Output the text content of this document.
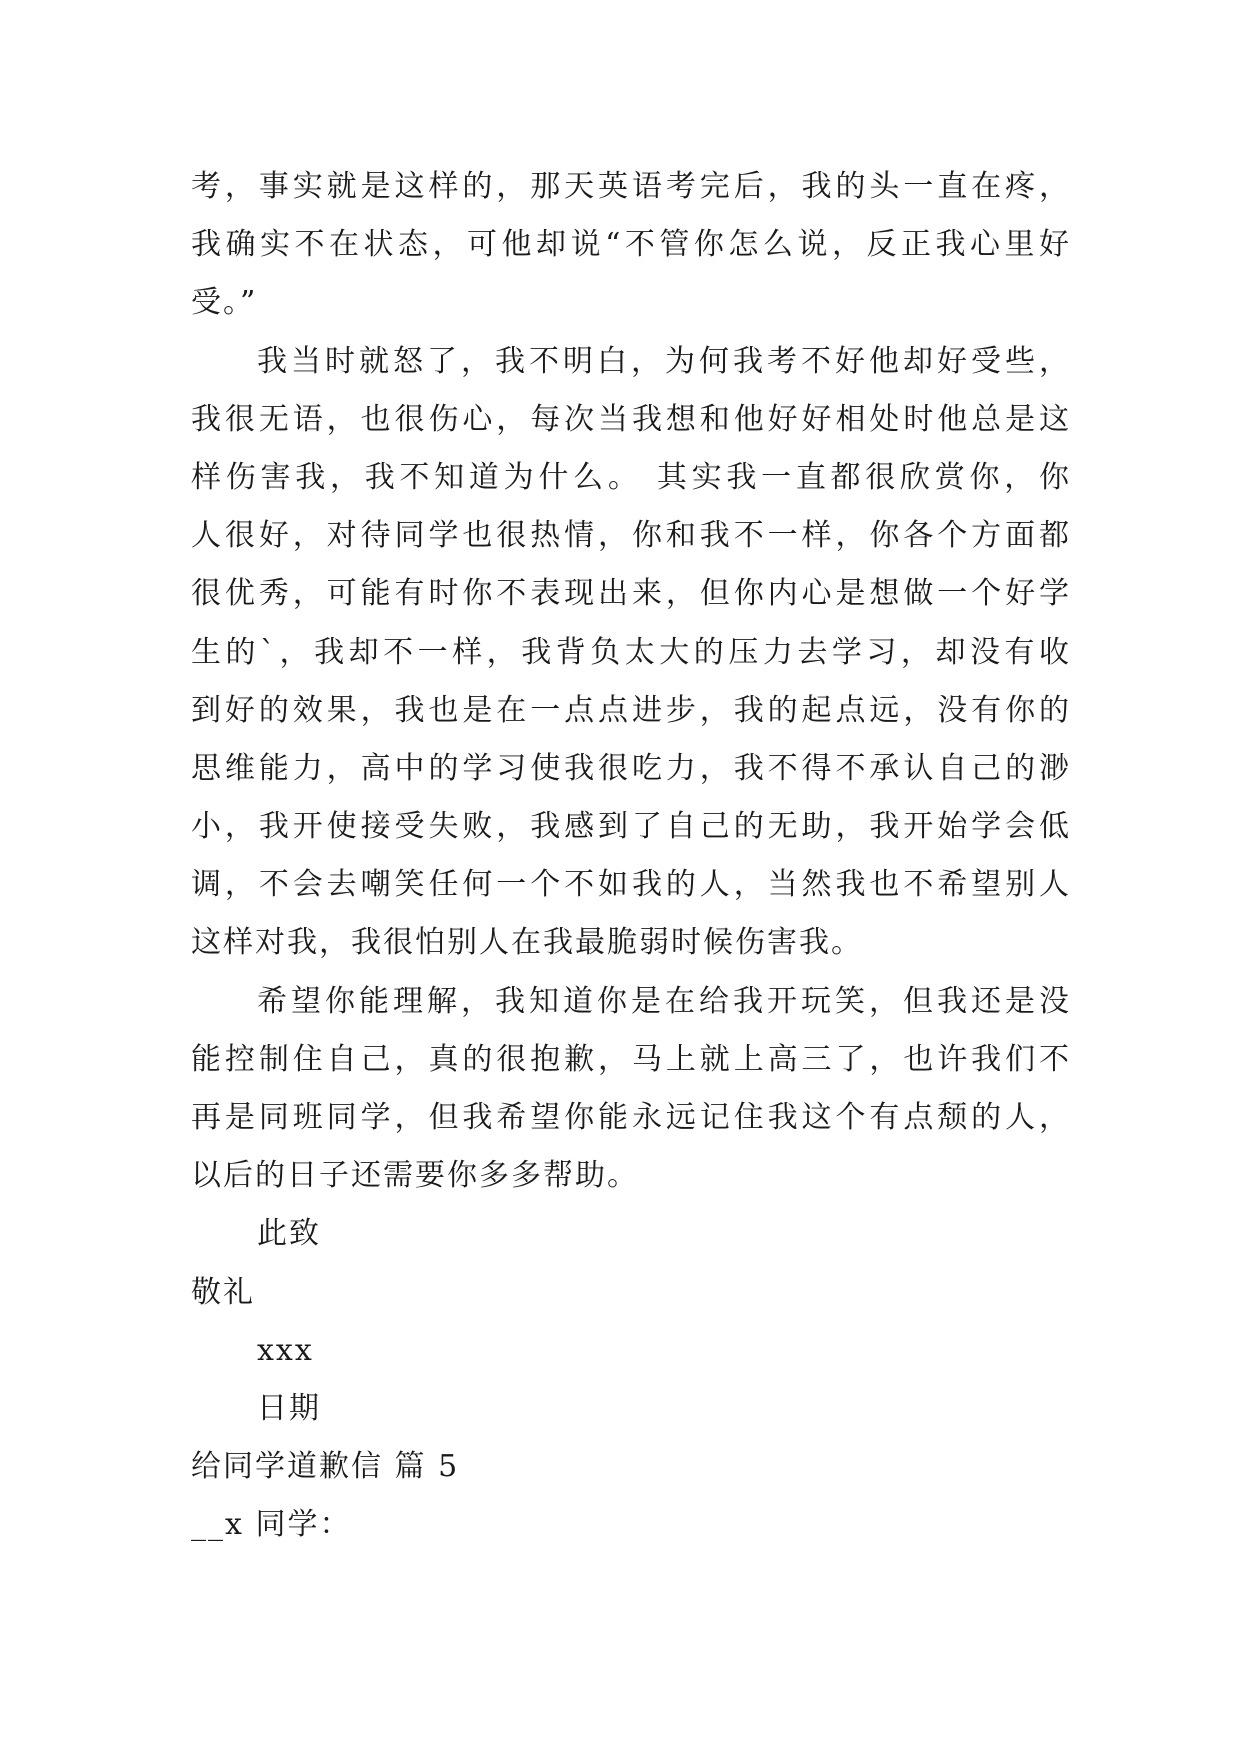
考，事实就是这样的，那天英语考完后，我的头一直在疼，
我确实不在状态，可他却说“不管你怎么说，反正我心里好
受。”
我当时就怒了，我不明白，为何我考不好他却好受些，
我很无语，也很伤心，每次当我想和他好好相处时他总是这
样伤害我，我不知道为什么。 其实我一直都很欣赏你，你
人很好，对待同学也很热情，你和我不一样，你各个方面都
很优秀，可能有时你不表现出来，但你内心是想做一个好学
生的`，我却不一样，我背负太大的压力去学习，却没有收
到好的效果，我也是在一点点进步，我的起点远，没有你的
思维能力，高中的学习使我很吃力，我不得不承认自己的渺
小，我开使接受失败，我感到了自己的无助，我开始学会低
调，不会去嘲笑任何一个不如我的人，当然我也不希望别人
这样对我，我很怕别人在我最脆弱时候伤害我。
希望你能理解，我知道你是在给我开玩笑，但我还是没
能控制住自己，真的很抱歉，马上就上高三了，也许我们不
再是同班同学，但我希望你能永远记住我这个有点颓的人，
以后的日子还需要你多多帮助。
此致
敬礼
xxx
日期
给同学道歉信 篇 5
__x 同学：
